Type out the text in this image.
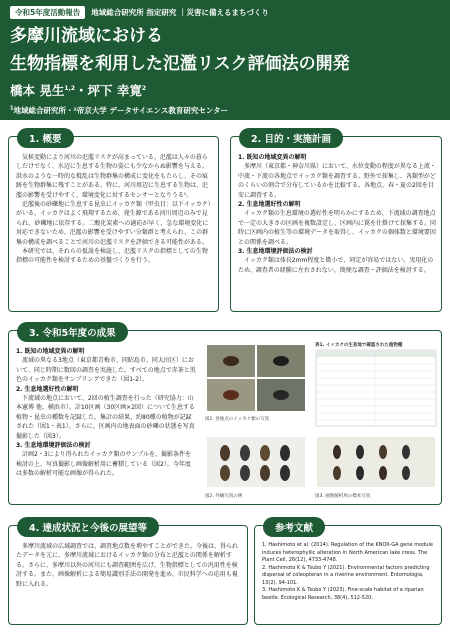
令和5年度活動報告	地域総合研究所 指定研究 ｜災害に備えるまちづくり
多摩川流域における
生物指標を利用した氾濫リスク評価法の開発
橋本 晃生$^{1,2}$・坪下 幸寛$^2$
$^1$地域総合研究所・²帝京大学 データサイエンス教育研究センター
1. 概要

気候変動により河川の氾濫リスクが高まっている。氾濫は人々の暮らしだけでなく、水辺に生息する生物の姿にも少なからぬ影響を与える。洪水のような一時的な撹乱は生物群集の構成に変化をもたらし、その痕跡を生物群集に残すことがある。特に、河川周辺に生息する生物は、氾濫の影響を受けやすく、環境変化に対するセンサーとなりうる¹。

氾濫後の砂礫地に生息する昆虫にイッカク類（甲虫目：以下イッカク）がいる。イッカクはよく飛翔するため、発生源である河川周辺のみで見られ、砂礫地に依存する。二酸化炭素への適応が早く、急な環境変化に対応できないため、氾濫の影響を受けやすい分類群と考えられ、この群集の構成を調べることで河川の氾濫リスクを評価できる可能性がある。

本研究では、それらの仮説を検証し、氾濫リスクの指標としての生物指標の可能性を検討するための基盤づくりを行う。

2. 目的・実施計画
1. 既知の地域変異の解明

多摩川（東京都・神奈川県）において、水位変動の程度が異なる上流・中流・下流の各地点でイッカク類を調査する。野外で採集し、各類型がどのくらいの割合で分布しているかを比較する。各地点、春・夏の2回を目安に調査する。

2. 生息地選好性の解明

イッカク類の生息環境の選好性を明らかにするため、下流域の調査地点で一定の大きさの区画を複数設定し、区画内に罠を仕掛けて採集する。同時に区画内の植生等の環境データを取得し、イッカクの個体数と環境要因との関係を調べる。

3. 生息地環境評価法の検討

イッカク類は体長2mm程度と微小で、同定が容易ではない。実用化のため、調査者の経験に左右されない、簡便な調査・評価法を検討する。

3. 令和5年度の成果
1. 既知の地域変異の解明

流域の異なる3地点（東京都青梅市、同昭島市、同大田区）において、同じ時期に数回の調査を実施した。すべての地点で赤茶と黒色のイッカク類をサンプリングできた（図1-2）。

2. 生息地選好性の解明

下流域の地点において、2回の植生調査を行った（研究協力：山本憲博 他、横浜市）。計10区画（30区画×2回）について生息する植物・昆虫の種数を記録した。集計の結果、約80種の植物が記録された（図1・表1）。さらに、区画内の地表面の砂礫の状態を写真撮影した（図3）。

3. 生息地環境評価法の検討

計画2・3により得られたイッカク類のサンプルを、撮影条件を検討の上、写真撮影し画像解析用に蓄積している（図2）。今年度は多数の解析可能な画像が得られた。

図1. 各地点のイッカク類の写真
図2. 外観写真の例
表1. イッカクの生息地で確認された植物種
図3. 画像解析用の標本写真
4. 達成状況と今後の展望等

多摩川流域の広域調査では、調査地点数を増やすことができた。今後は、得られたデータを元に、多摩川流域におけるイッカク類の分布と氾濫との関係を解析する。さらに、多摩川以外の河川にも調査範囲を広げ、生物指標としての汎用性を検討する。また、画像解析による簡易識別手法の開発を進め、市民科学への応用も視野に入れる。

参考文献

1. Hashimoto et al. (2014). Regulation of the KNOX-GA gene module induces heterophyllic alteration in North American lake cress. The Plant Cell, 26(12), 4733-4748.

2. Hashimoto K & Tsubo Y (2021). Environmental factors predicting dispersal of coleopteran in a riverine environment. Entomologia, 13(2), 94-101.

3. Hashimoto K & Tsubo Y (2023). Fine-scale habitat of a riparian beetle. Ecological Research, 38(4), 512-520.
